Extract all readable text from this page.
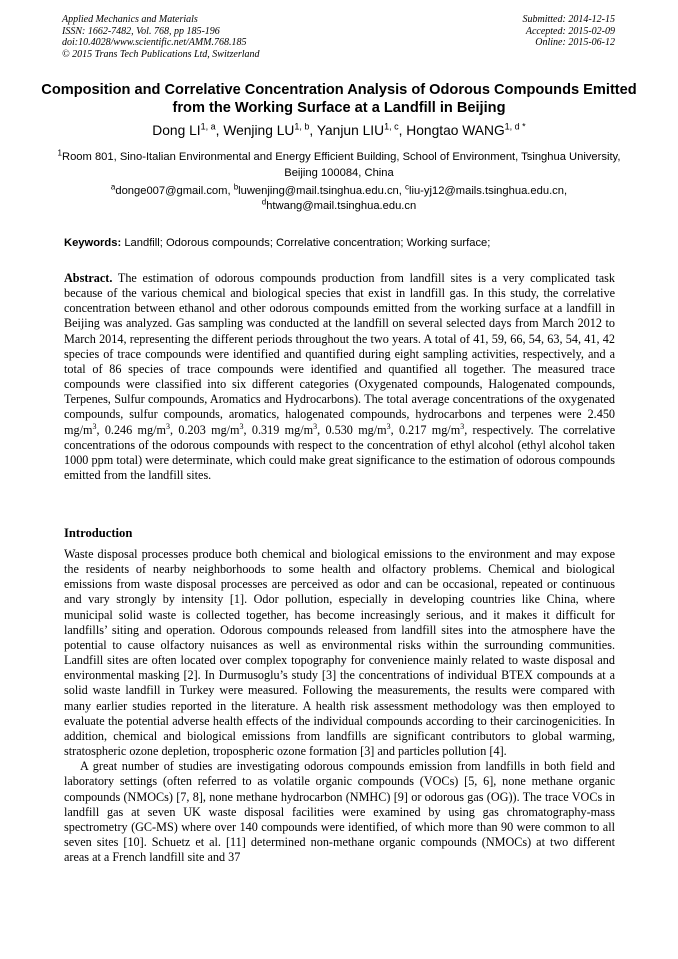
Applied Mechanics and Materials
ISSN: 1662-7482, Vol. 768, pp 185-196
doi:10.4028/www.scientific.net/AMM.768.185
© 2015 Trans Tech Publications Ltd, Switzerland
Submitted: 2014-12-15
Accepted: 2015-02-09
Online: 2015-06-12
Composition and Correlative Concentration Analysis of Odorous Compounds Emitted from the Working Surface at a Landfill in Beijing
Dong LI$^{1, a}$, Wenjing LU$^{1, b}$, Yanjun LIU$^{1, c}$, Hongtao $WANG^{1, d *}$
$^1$Room 801, Sino-Italian Environmental and Energy Efficient Building, School of Environment, Tsinghua University, Beijing 100084, China
$^a$donge007@gmail.com, $^b$luwenjing@mail.tsinghua.edu.cn, $^c$liu-yj12@mails.tsinghua.edu.cn,
$^d$htwang@mail.tsinghua.edu.cn
Keywords: Landfill; Odorous compounds; Correlative concentration; Working surface;
Abstract. The estimation of odorous compounds production from landfill sites is a very complicated task because of the various chemical and biological species that exist in landfill gas. In this study, the correlative concentration between ethanol and other odorous compounds emitted from the working surface at a landfill in Beijing was analyzed. Gas sampling was conducted at the landfill on several selected days from March 2012 to March 2014, representing the different periods throughout the two years. A total of 41, 59, 66, 54, 63, 54, 41, 42 species of trace compounds were identified and quantified during eight sampling activities, respectively, and a total of 86 species of trace compounds were identified and quantified all together. The measured trace compounds were classified into six different categories (Oxygenated compounds, Halogenated compounds, Terpenes, Sulfur compounds, Aromatics and Hydrocarbons). The total average concentrations of the oxygenated compounds, sulfur compounds, aromatics, halogenated compounds, hydrocarbons and terpenes were 2.450 $mg/m^3$, 0.246 $mg/m^3$, 0.203 $mg/m^3$, 0.319 $mg/m^3$, 0.530 $mg/m^3$, 0.217 $mg/m^3$, respectively. The correlative concentrations of the odorous compounds with respect to the concentration of ethyl alcohol (ethyl alcohol taken 1000 ppm total) were determinate, which could make great significance to the estimation of odorous compounds emitted from the landfill sites.
Introduction

Waste disposal processes produce both chemical and biological emissions to the environment and may expose the residents of nearby neighborhoods to some health and olfactory problems. Chemical and biological emissions from waste disposal processes are perceived as odor and can be occasional, repeated or continuous and vary strongly by intensity [1]. Odor pollution, especially in developing countries like China, where municipal solid waste is collected together, has become increasingly serious, and it makes it difficult for landfills’ siting and operation. Odorous compounds released from landfill sites into the atmosphere have the potential to cause olfactory nuisances as well as environmental risks within the surrounding communities. Landfill sites are often located over complex topography for convenience mainly related to waste disposal and environmental masking [2]. In Durmusoglu’s study [3] the concentrations of individual BTEX compounds at a solid waste landfill in Turkey were measured. Following the measurements, the results were compared with many earlier studies reported in the literature. A health risk assessment methodology was then employed to evaluate the potential adverse health effects of the individual compounds according to their carcinogenicities. In addition, chemical and biological emissions from landfills are significant contributors to global warming, stratospheric ozone depletion, tropospheric ozone formation [3] and particles pollution [4].

A great number of studies are investigating odorous compounds emission from landfills in both field and laboratory settings (often referred to as volatile organic compounds (VOCs) [5, 6], none methane organic compounds (NMOCs) [7, 8], none methane hydrocarbon (NMHC) [9] or odorous gas (OG)). The trace VOCs in landfill gas at seven UK waste disposal facilities were examined by using gas chromatography-mass spectrometry (GC-MS) where over 140 compounds were identified, of which more than 90 were common to all seven sites [10]. Schuetz et al. [11] determined non-methane organic compounds (NMOCs) at two different areas at a French landfill site and 37
